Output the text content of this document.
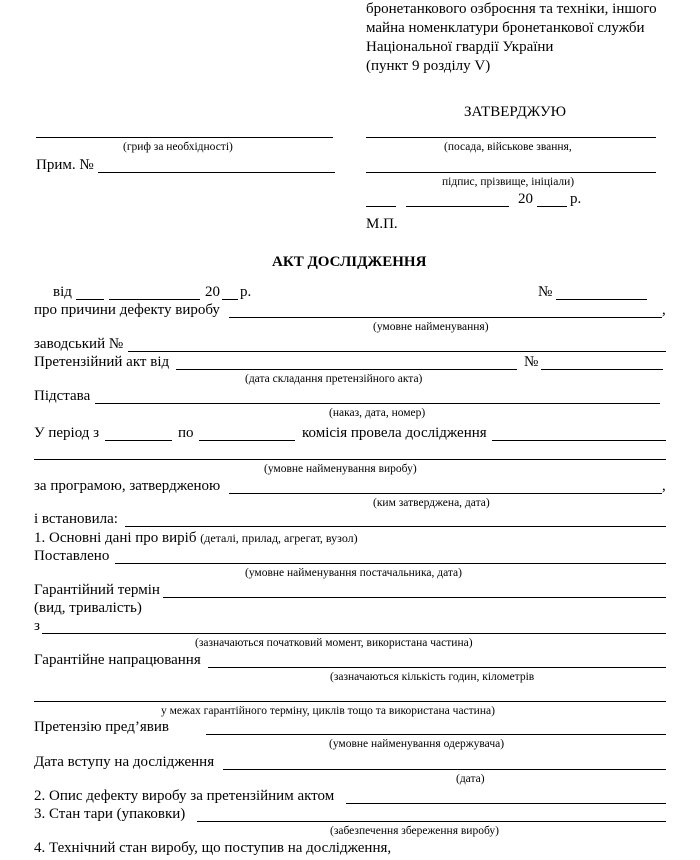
бронетанкового озброєння та техніки, іншого
майна номенклатури бронетанкової служби
Національної гвардії України
(пункт 9 розділу V)
ЗАТВЕРДЖУЮ
(гриф за необхідності)	(посада, військове звання,
Прим. №
підпис, прізвище, ініціали)
20 р.
М.П.
АКТ ДОСЛІДЖЕННЯ
від	20 р.	№
про причини дефекту виробу	,
(умовне найменування)
заводський №
Претензійний акт від	№
(дата складання претензійного акта)
Підстава
(наказ, дата, номер)
У період з	по	комісія провела дослідження
(умовне найменування виробу)
за програмою, затвердженою	,
(ким затверджена, дата)
і встановила:
1. Основні дані про виріб (деталі, прилад, агрегат, вузол)
Поставлено
(умовне найменування постачальника, дата)
Гарантійний термін
(вид, тривалість)
з
(зазначаються початковий момент, використана частина)
Гарантійне напрацювання
(зазначаються кількість годин, кілометрів
у межах гарантійного терміну, циклів тощо та використана частина)
Претензію пред’явив
(умовне найменування одержувача)
Дата вступу на дослідження
(дата)
2. Опис дефекту виробу за претензійним актом
3. Стан тари (упаковки)
(забезпечення збереження виробу)
4. Технічний стан виробу, що поступив на дослідження,
